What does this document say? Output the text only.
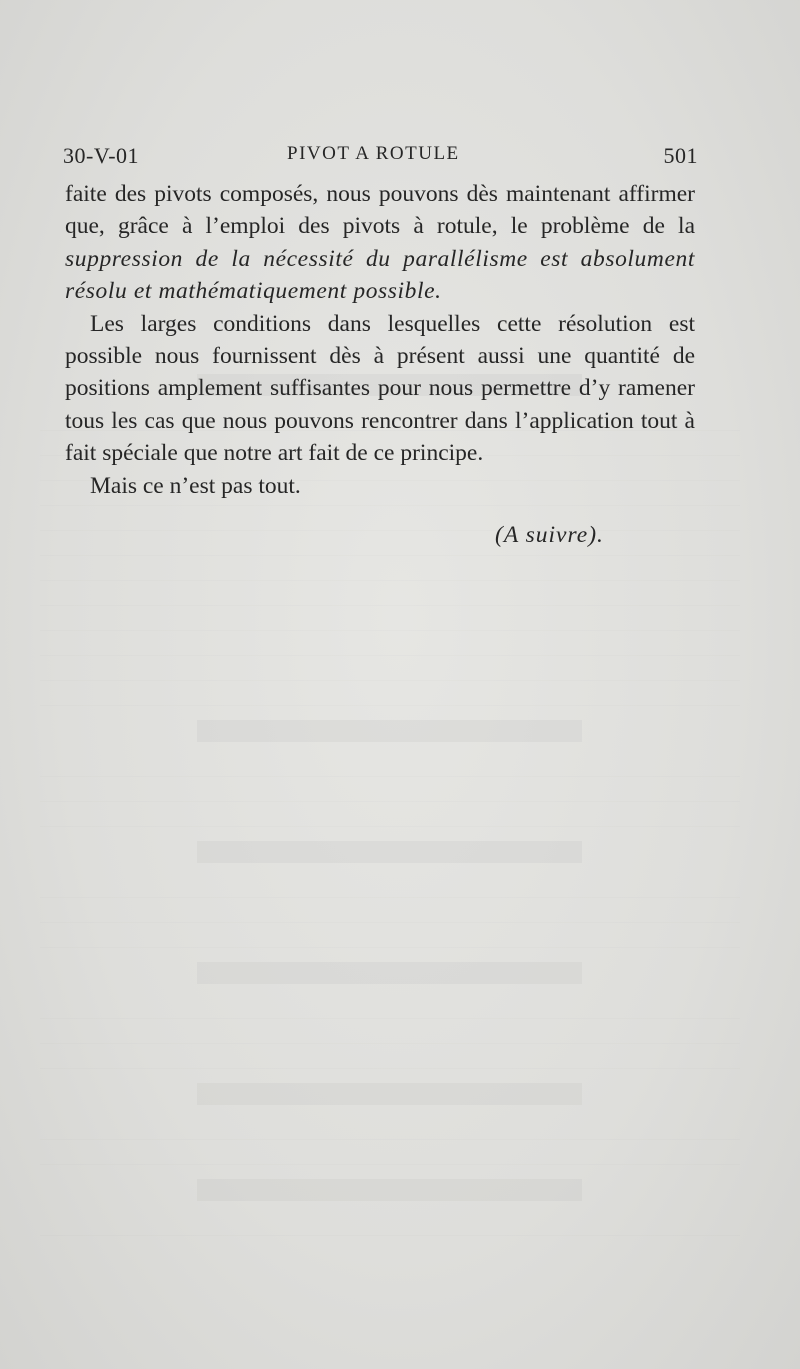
30-V-01	PIVOT A ROTULE	501

faite des pivots composés, nous pouvons dès maintenant affirmer que, grâce à l’emploi des pivots à rotule, le problème de la suppression de la nécessité du parallélisme est absolument résolu et mathématiquement possible.

Les larges conditions dans lesquelles cette résolution est possible nous fournissent dès à présent aussi une quantité de positions amplement suffisantes pour nous permettre d’y ramener tous les cas que nous pouvons rencontrer dans l’application tout à fait spéciale que notre art fait de ce principe.

Mais ce n’est pas tout.

(A suivre).
